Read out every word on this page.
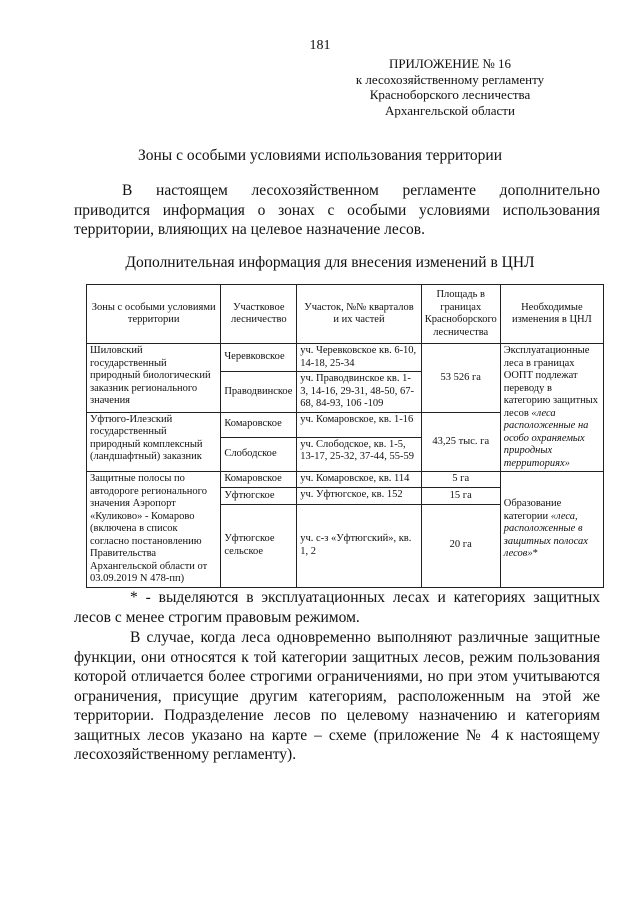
181
ПРИЛОЖЕНИЕ № 16
к лесохозяйственному регламенту
Красноборского лесничества
Архангельской области
Зоны с особыми условиями использования территории

В настоящем лесохозяйственном регламенте дополнительно приводится информация о зонах с особыми условиями использования территории, влияющих на целевое назначение лесов.

Дополнительная информация для внесения изменений в ЦНЛ
Зоны с особыми условиями территории	Участковое лесничество	Участок, №№ кварталов и их частей	Площадь в границах Красноборского лесничества	Необходимые изменения в ЦНЛ
Шиловский государственный природный биологический заказник регионального значения	Черевковское	уч. Черевковское кв. 6-10, 14-18, 25-34	53 526 га	Эксплуатационные леса в границах ООПТ подлежат переводу в категорию защитных лесов «леса расположенные на особо охраняемых природных территориях»
	Праводвинское	уч. Праводвинское кв. 1-3, 14-16, 29-31, 48-50, 67-68, 84-93, 106 -109		
Уфтюго-Илезский государственный природный комплексный (ландшафтный) заказник	Комаровское	уч. Комаровское, кв. 1-16	43,25 тыс. га	
	Слободское	уч. Слободское, кв. 1-5, 13-17, 25-32, 37-44, 55-59		
Защитные полосы по автодороге регионального значения Аэропорт «Куликово» - Комарово (включена в список согласно постановлению Правительства Архангельской области от 03.09.2019 N 478-пп)	Комаровское	уч. Комаровское, кв. 114	5 га	Образование категории «леса, расположенные в защитных полосах лесов»*
	Уфтюгское	уч. Уфтюгское, кв. 152	15 га	
	Уфтюгское сельское	уч. с-з «Уфтюгский», кв. 1, 2	20 га	

* - выделяются в эксплуатационных лесах и категориях защитных лесов с менее строгим правовым режимом.

В случае, когда леса одновременно выполняют различные защитные функции, они относятся к той категории защитных лесов, режим пользования которой отличается более строгими ограничениями, но при этом учитываются ограничения, присущие другим категориям, расположенным на этой же территории. Подразделение лесов по целевому назначению и категориям защитных лесов указано на карте – схеме (приложение № 4 к настоящему лесохозяйственному регламенту).
